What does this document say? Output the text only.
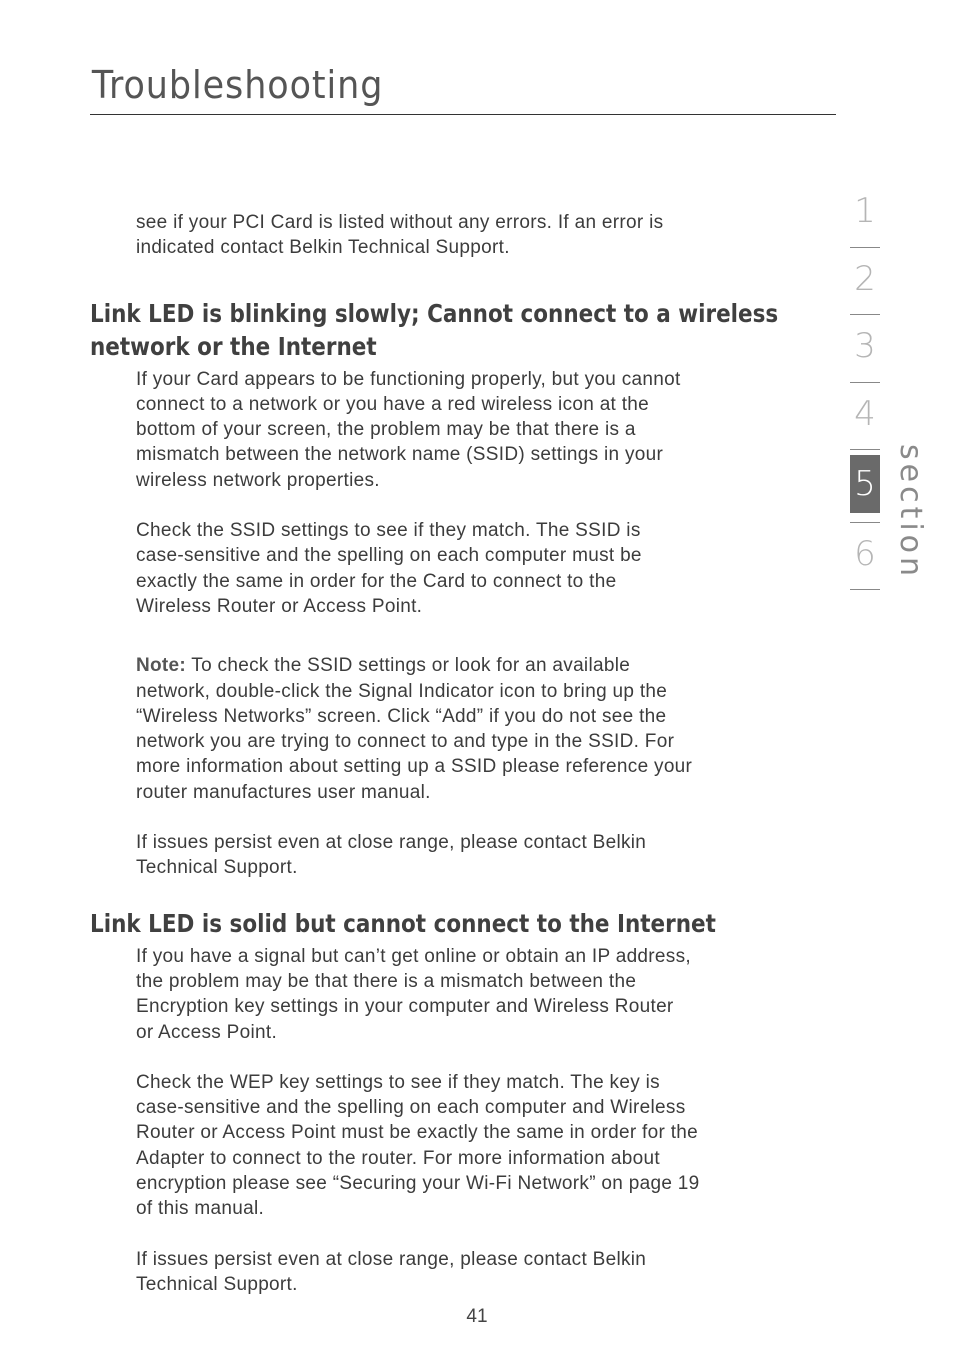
Troubleshooting

see if your PCI Card is listed without any errors. If an error is
indicated contact Belkin Technical Support.

Link LED is blinking slowly; Cannot connect to a wireless
network or the Internet

If your Card appears to be functioning properly, but you cannot
connect to a network or you have a red wireless icon at the
bottom of your screen, the problem may be that there is a
mismatch between the network name (SSID) settings in your
wireless network properties.

Check the SSID settings to see if they match. The SSID is
case-sensitive and the spelling on each computer must be
exactly the same in order for the Card to connect to the
Wireless Router or Access Point.

Note: To check the SSID settings or look for an available
network, double-click the Signal Indicator icon to bring up the
“Wireless Networks” screen. Click “Add” if you do not see the
network you are trying to connect to and type in the SSID. For
more information about setting up a SSID please reference your
router manufactures user manual.

If issues persist even at close range, please contact Belkin
Technical Support.

Link LED is solid but cannot connect to the Internet

If you have a signal but can’t get online or obtain an IP address,
the problem may be that there is a mismatch between the
Encryption key settings in your computer and Wireless Router
or Access Point.

Check the WEP key settings to see if they match. The key is
case-sensitive and the spelling on each computer and Wireless
Router or Access Point must be exactly the same in order for the
Adapter to connect to the router. For more information about
encryption please see “Securing your Wi-Fi Network” on page 19
of this manual.

If issues persist even at close range, please contact Belkin
Technical Support.

1
2
3
4
5
6 section
41
